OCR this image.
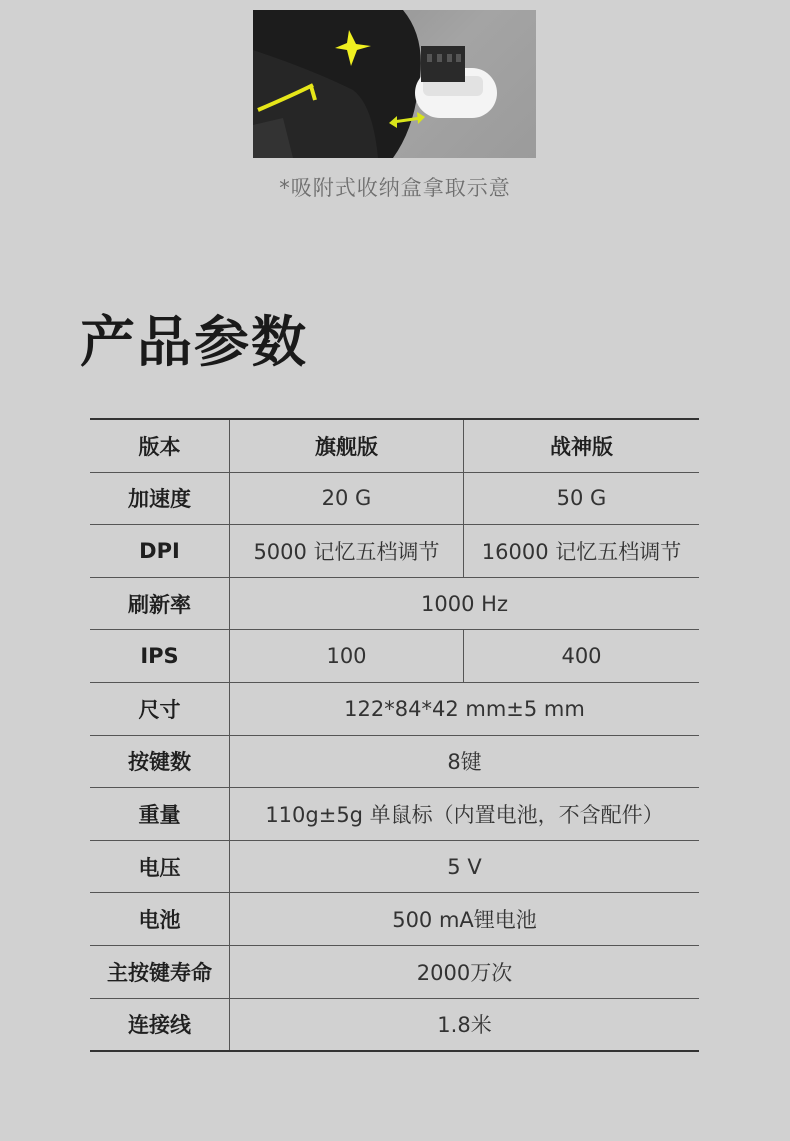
*吸附式收纳盒拿取示意
产品参数
版本	旗舰版	战神版
加速度	20 G	50 G
DPI	5000 记忆五档调节	16000 记忆五档调节
刷新率	1000 Hz	
IPS	100	400
尺寸	122*84*42 mm±5 mm	
按键数	8键	
重量	110g±5g 单鼠标（内置电池，不含配件）	
电压	5 V	
电池	500 mA锂电池	
主按键寿命	2000万次	
连接线	1.8米	
